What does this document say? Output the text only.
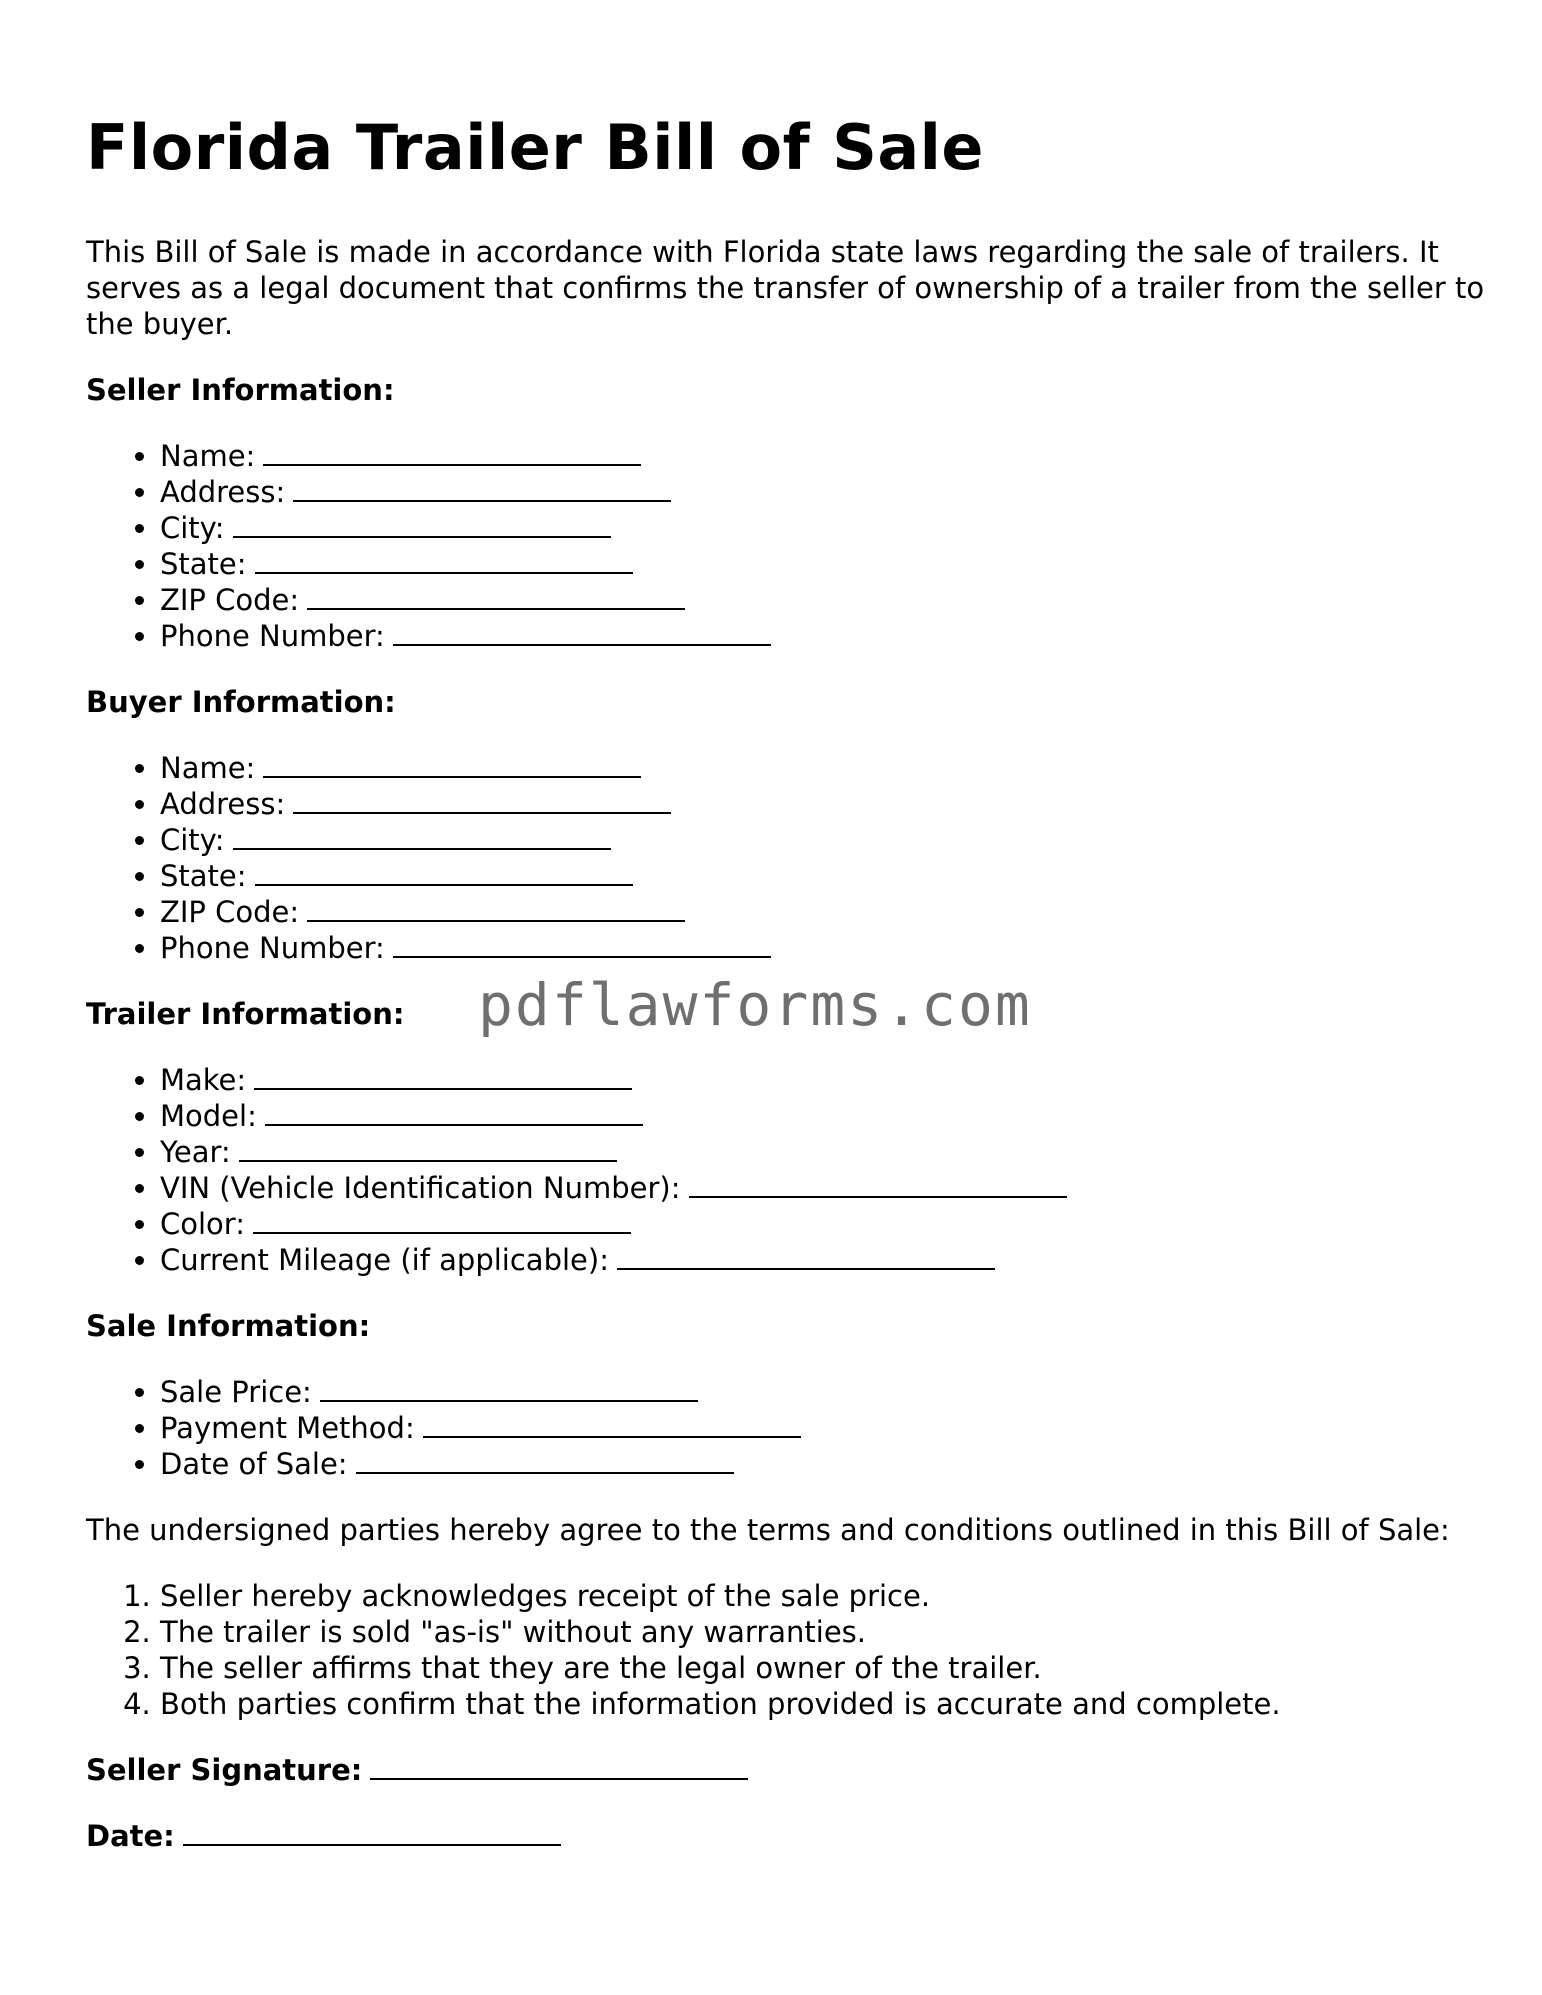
Florida Trailer Bill of Sale

This Bill of Sale is made in accordance with Florida state laws regarding the sale of trailers. It serves as a legal document that confirms the transfer of ownership of a trailer from the seller to the buyer.

Seller Information:
• Name:
• Address:
• City:
• State:
• ZIP Code:
• Phone Number:
Buyer Information:
• Name:
• Address:
• City:
• State:
• ZIP Code:
• Phone Number:
Trailer Information:
• Make:
• Model:
• Year:
• VIN (Vehicle Identification Number):
• Color:
• Current Mileage (if applicable):
Sale Information:
• Sale Price:
• Payment Method:
• Date of Sale:

The undersigned parties hereby agree to the terms and conditions outlined in this Bill of Sale:

1. Seller hereby acknowledges receipt of the sale price.
2. The trailer is sold "as-is" without any warranties.
3. The seller affirms that they are the legal owner of the trailer.
4. Both parties confirm that the information provided is accurate and complete.
Seller Signature:
Date:
pdflawforms.com
